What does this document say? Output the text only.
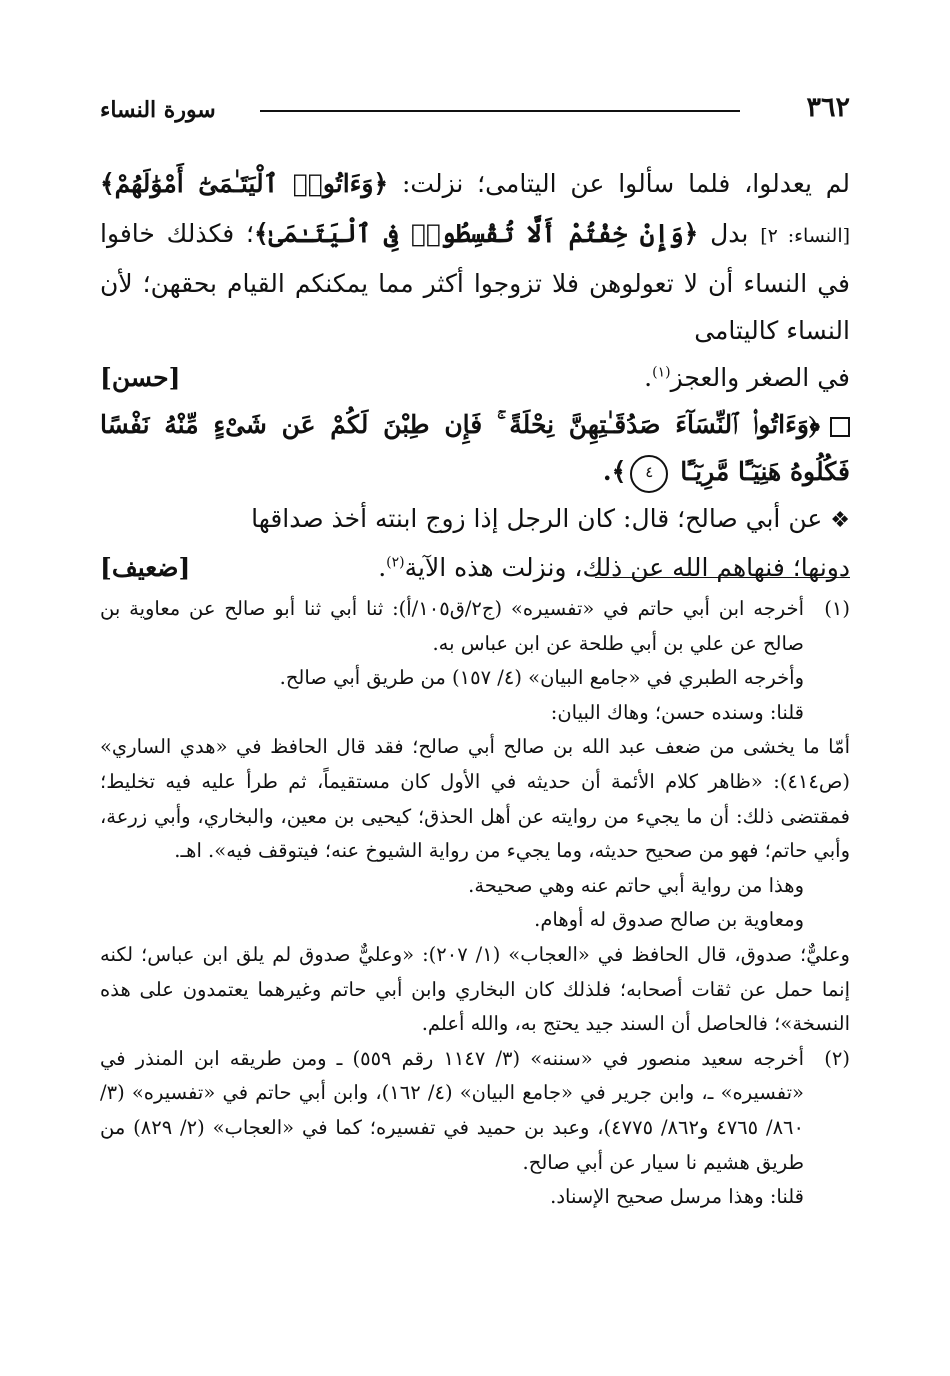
٣٦٢
سورة النساء

لم يعدلوا، فلما سألوا عن اليتامى؛ نزلت: ﴿وَءَاتُوا۟ ٱلْيَتَـٰمَىٰٓ أَمْوَٰلَهُمْ﴾ [النساء: ٢] بدل ﴿وَإِنْ خِفْتُمْ أَلَّا تُقْسِطُوا۟ فِى ٱلْيَتَـٰمَىٰ﴾؛ فكذلك خافوا في النساء أن لا تعولوهن فلا تزوجوا أكثر مما يمكنكم القيام بحقهن؛ لأن النساء كاليتامى

في الصغر والعجز$^{(١)}$.
[حسن]

﴿وَءَاتُوا۟ ٱلنِّسَآءَ صَدُقَـٰتِهِنَّ نِحْلَةً ۚ فَإِن طِبْنَ لَكُمْ عَن شَىْءٍ مِّنْهُ نَفْسًا فَكُلُوهُ هَنِيٓـًٔا مَّرِيٓـًٔا ٤﴾.

❖عن أبي صالح؛ قال: كان الرجل إذا زوج ابنته أخذ صداقها

دونها؛ فنهاهم الله عن ذلك، ونزلت هذه الآية$^{(٢)}$.
[ضعيف]
(١)

أخرجه ابن أبي حاتم في «تفسيره» (ج٢/ق١٠٥/أ): ثنا أبي ثنا أبو صالح عن معاوية بن صالح عن علي بن أبي طلحة عن ابن عباس به.

وأخرجه الطبري في «جامع البيان» (٤/ ١٥٧) من طريق أبي صالح.

قلنا: وسنده حسن؛ وهاك البيان:

أمّا ما يخشى من ضعف عبد الله بن صالح أبي صالح؛ فقد قال الحافظ في «هدي الساري» (ص٤١٤): «ظاهر كلام الأئمة أن حديثه في الأول كان مستقيماً، ثم طرأ عليه فيه تخليط؛ فمقتضى ذلك: أن ما يجيء من روايته عن أهل الحذق؛ كيحيى بن معين، والبخاري، وأبي زرعة، وأبي حاتم؛ فهو من صحيح حديثه، وما يجيء من رواية الشيوخ عنه؛ فيتوقف فيه». اهـ.

وهذا من رواية أبي حاتم عنه وهي صحيحة.

ومعاوية بن صالح صدوق له أوهام.

وعليٌّ؛ صدوق، قال الحافظ في «العجاب» (١/ ٢٠٧): «وعليٌّ صدوق لم يلق ابن عباس؛ لكنه إنما حمل عن ثقات أصحابه؛ فلذلك كان البخاري وابن أبي حاتم وغيرهما يعتمدون على هذه النسخة»؛ فالحاصل أن السند جيد يحتج به، والله أعلم.

(٢)

أخرجه سعيد منصور في «سننه» (٣/ ١١٤٧ رقم ٥٥٩) ـ ومن طريقه ابن المنذر في «تفسيره» ـ، وابن جرير في «جامع البيان» (٤/ ١٦٢)، وابن أبي حاتم في «تفسيره» (٣/ ٨٦٠/ ٤٧٦٥ و٨٦٢/ ٤٧٧٥)، وعبد بن حميد في تفسيره؛ كما في «العجاب» (٢/ ٨٢٩) من طريق هشيم نا سيار عن أبي صالح.

قلنا: وهذا مرسل صحيح الإسناد.
